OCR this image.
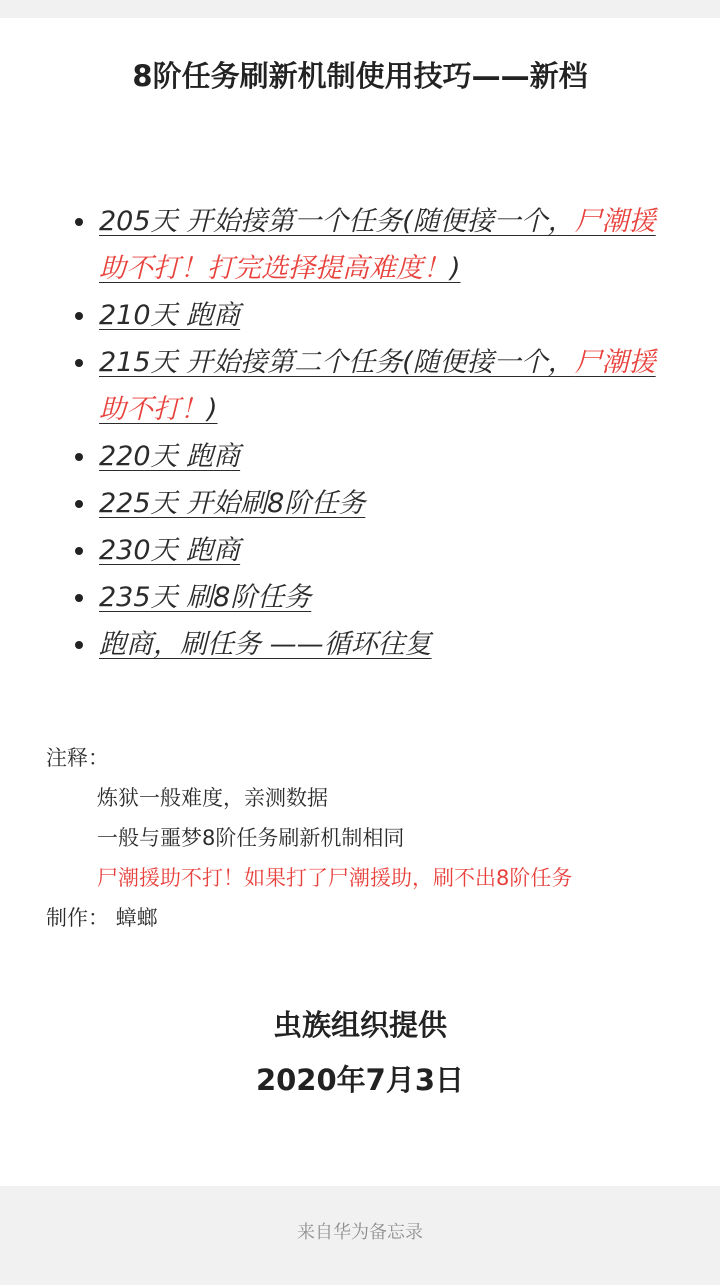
8阶任务刷新机制使用技巧——新档
205天 开始接第一个任务(随便接一个，尸潮援助不打！打完选择提高难度！)
210天 跑商
215天 开始接第二个任务(随便接一个，尸潮援助不打！)
220天 跑商
225天 开始刷8阶任务
230天 跑商
235天 刷8阶任务
跑商，刷任务 ——循环往复
注释：
炼狱一般难度，亲测数据
一般与噩梦8阶任务刷新机制相同
尸潮援助不打！如果打了尸潮援助，刷不出8阶任务
制作： 蟑螂
虫族组织提供
2020年7月3日
来自华为备忘录
